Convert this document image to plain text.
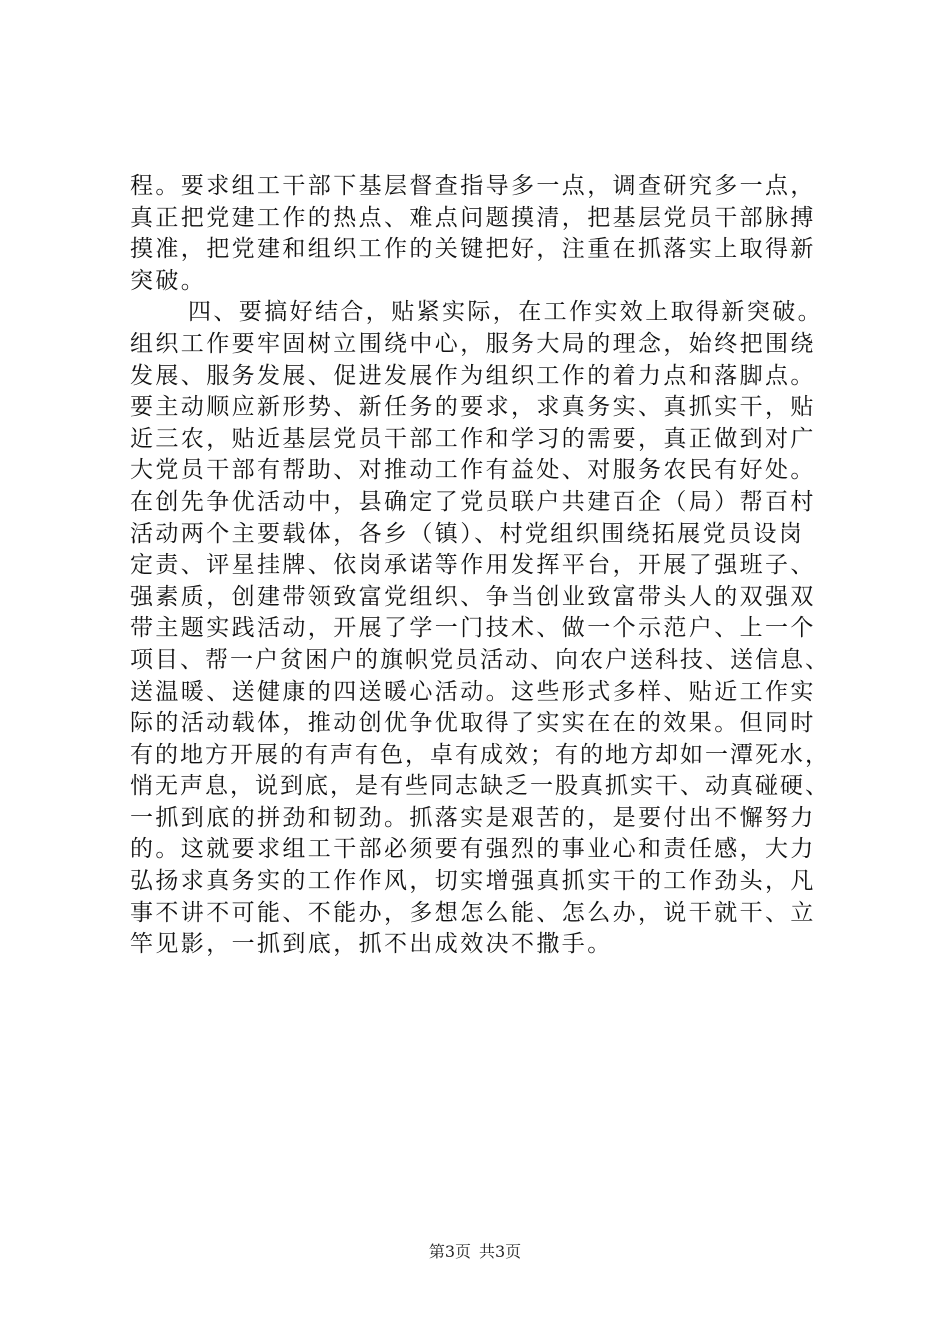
程。要求组工干部下基层督查指导多一点，调查研究多一点，
真正把党建工作的热点、难点问题摸清，把基层党员干部脉搏
摸准，把党建和组织工作的关键把好，注重在抓落实上取得新
突破。
四、要搞好结合，贴紧实际，在工作实效上取得新突破。
组织工作要牢固树立围绕中心，服务大局的理念，始终把围绕
发展、服务发展、促进发展作为组织工作的着力点和落脚点。
要主动顺应新形势、新任务的要求，求真务实、真抓实干，贴
近三农，贴近基层党员干部工作和学习的需要，真正做到对广
大党员干部有帮助、对推动工作有益处、对服务农民有好处。
在创先争优活动中，县确定了党员联户共建百企（局）帮百村
活动两个主要载体，各乡（镇）、村党组织围绕拓展党员设岗
定责、评星挂牌、依岗承诺等作用发挥平台，开展了强班子、
强素质，创建带领致富党组织、争当创业致富带头人的双强双
带主题实践活动，开展了学一门技术、做一个示范户、上一个
项目、帮一户贫困户的旗帜党员活动、向农户送科技、送信息、
送温暖、送健康的四送暖心活动。这些形式多样、贴近工作实
际的活动载体，推动创优争优取得了实实在在的效果。但同时
有的地方开展的有声有色，卓有成效；有的地方却如一潭死水，
悄无声息，说到底，是有些同志缺乏一股真抓实干、动真碰硬、
一抓到底的拼劲和韧劲。抓落实是艰苦的，是要付出不懈努力
的。这就要求组工干部必须要有强烈的事业心和责任感，大力
弘扬求真务实的工作作风，切实增强真抓实干的工作劲头，凡
事不讲不可能、不能办，多想怎么能、怎么办，说干就干、立
竿见影，一抓到底，抓不出成效决不撒手。
第3页 共3页
